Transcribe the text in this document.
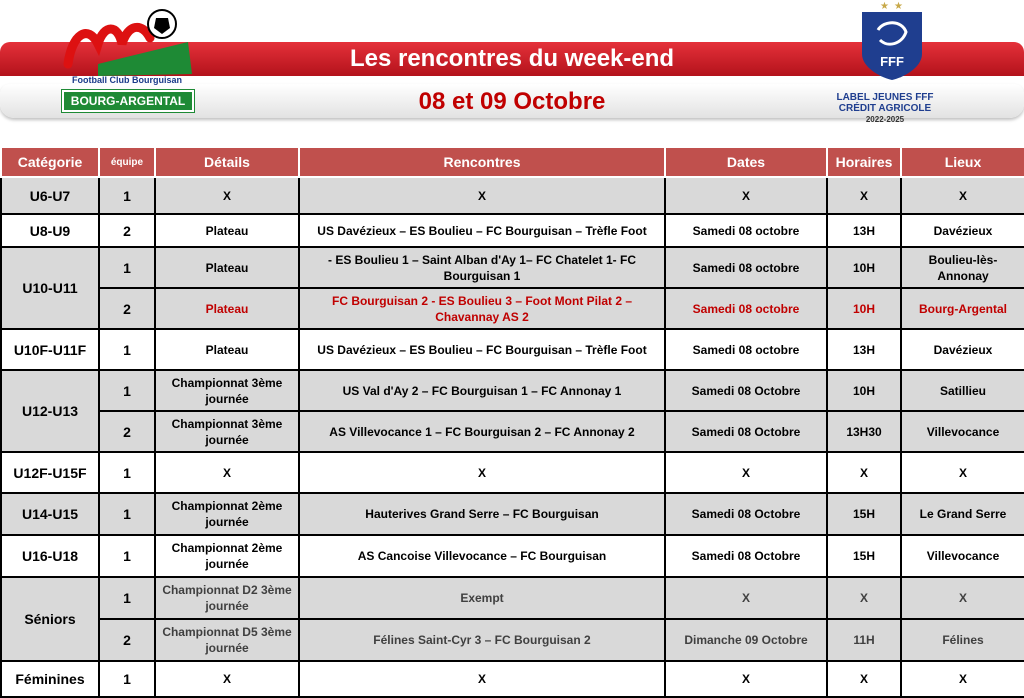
Les rencontres du week-end
08 et 09 Octobre
Football Club Bourguisan
BOURG-ARGENTAL
★ ★
FFF
LABEL JEUNES FFF
CRÉDIT AGRICOLE
2022-2025
Catégorie	équipe	Détails	Rencontres	Dates	Horaires	Lieux
U6-U7	1	X	X	X	X	X
U8-U9	2	Plateau	US Davézieux – ES Boulieu – FC Bourguisan – Trèfle Foot	Samedi 08 octobre	13H	Davézieux
U10-U11	1	Plateau	- ES Boulieu 1 – Saint Alban d'Ay 1– FC Chatelet 1- FC Bourguisan 1	Samedi 08 octobre	10H	Boulieu-lès-Annonay
	2	Plateau	FC Bourguisan 2 - ES Boulieu 3 – Foot Mont Pilat 2 – Chavannay AS 2	Samedi 08 octobre	10H	Bourg-Argental
U10F-U11F	1	Plateau	US Davézieux – ES Boulieu – FC Bourguisan – Trèfle Foot	Samedi 08 octobre	13H	Davézieux
U12-U13	1	Championnat 3ème journée	US Val d'Ay 2 – FC Bourguisan 1 – FC Annonay 1	Samedi 08 Octobre	10H	Satillieu
	2	Championnat 3ème journée	AS Villevocance 1 – FC Bourguisan 2 – FC Annonay 2	Samedi 08 Octobre	13H30	Villevocance
U12F-U15F	1	X	X	X	X	X
U14-U15	1	Championnat 2ème journée	Hauterives Grand Serre – FC Bourguisan	Samedi 08 Octobre	15H	Le Grand Serre
U16-U18	1	Championnat 2ème journée	AS Cancoise Villevocance – FC Bourguisan	Samedi 08 Octobre	15H	Villevocance
Séniors	1	Championnat D2 3ème journée	Exempt	X	X	X
	2	Championnat D5 3ème journée	Félines Saint-Cyr 3 – FC Bourguisan 2	Dimanche 09 Octobre	11H	Félines
Féminines	1	X	X	X	X	X
